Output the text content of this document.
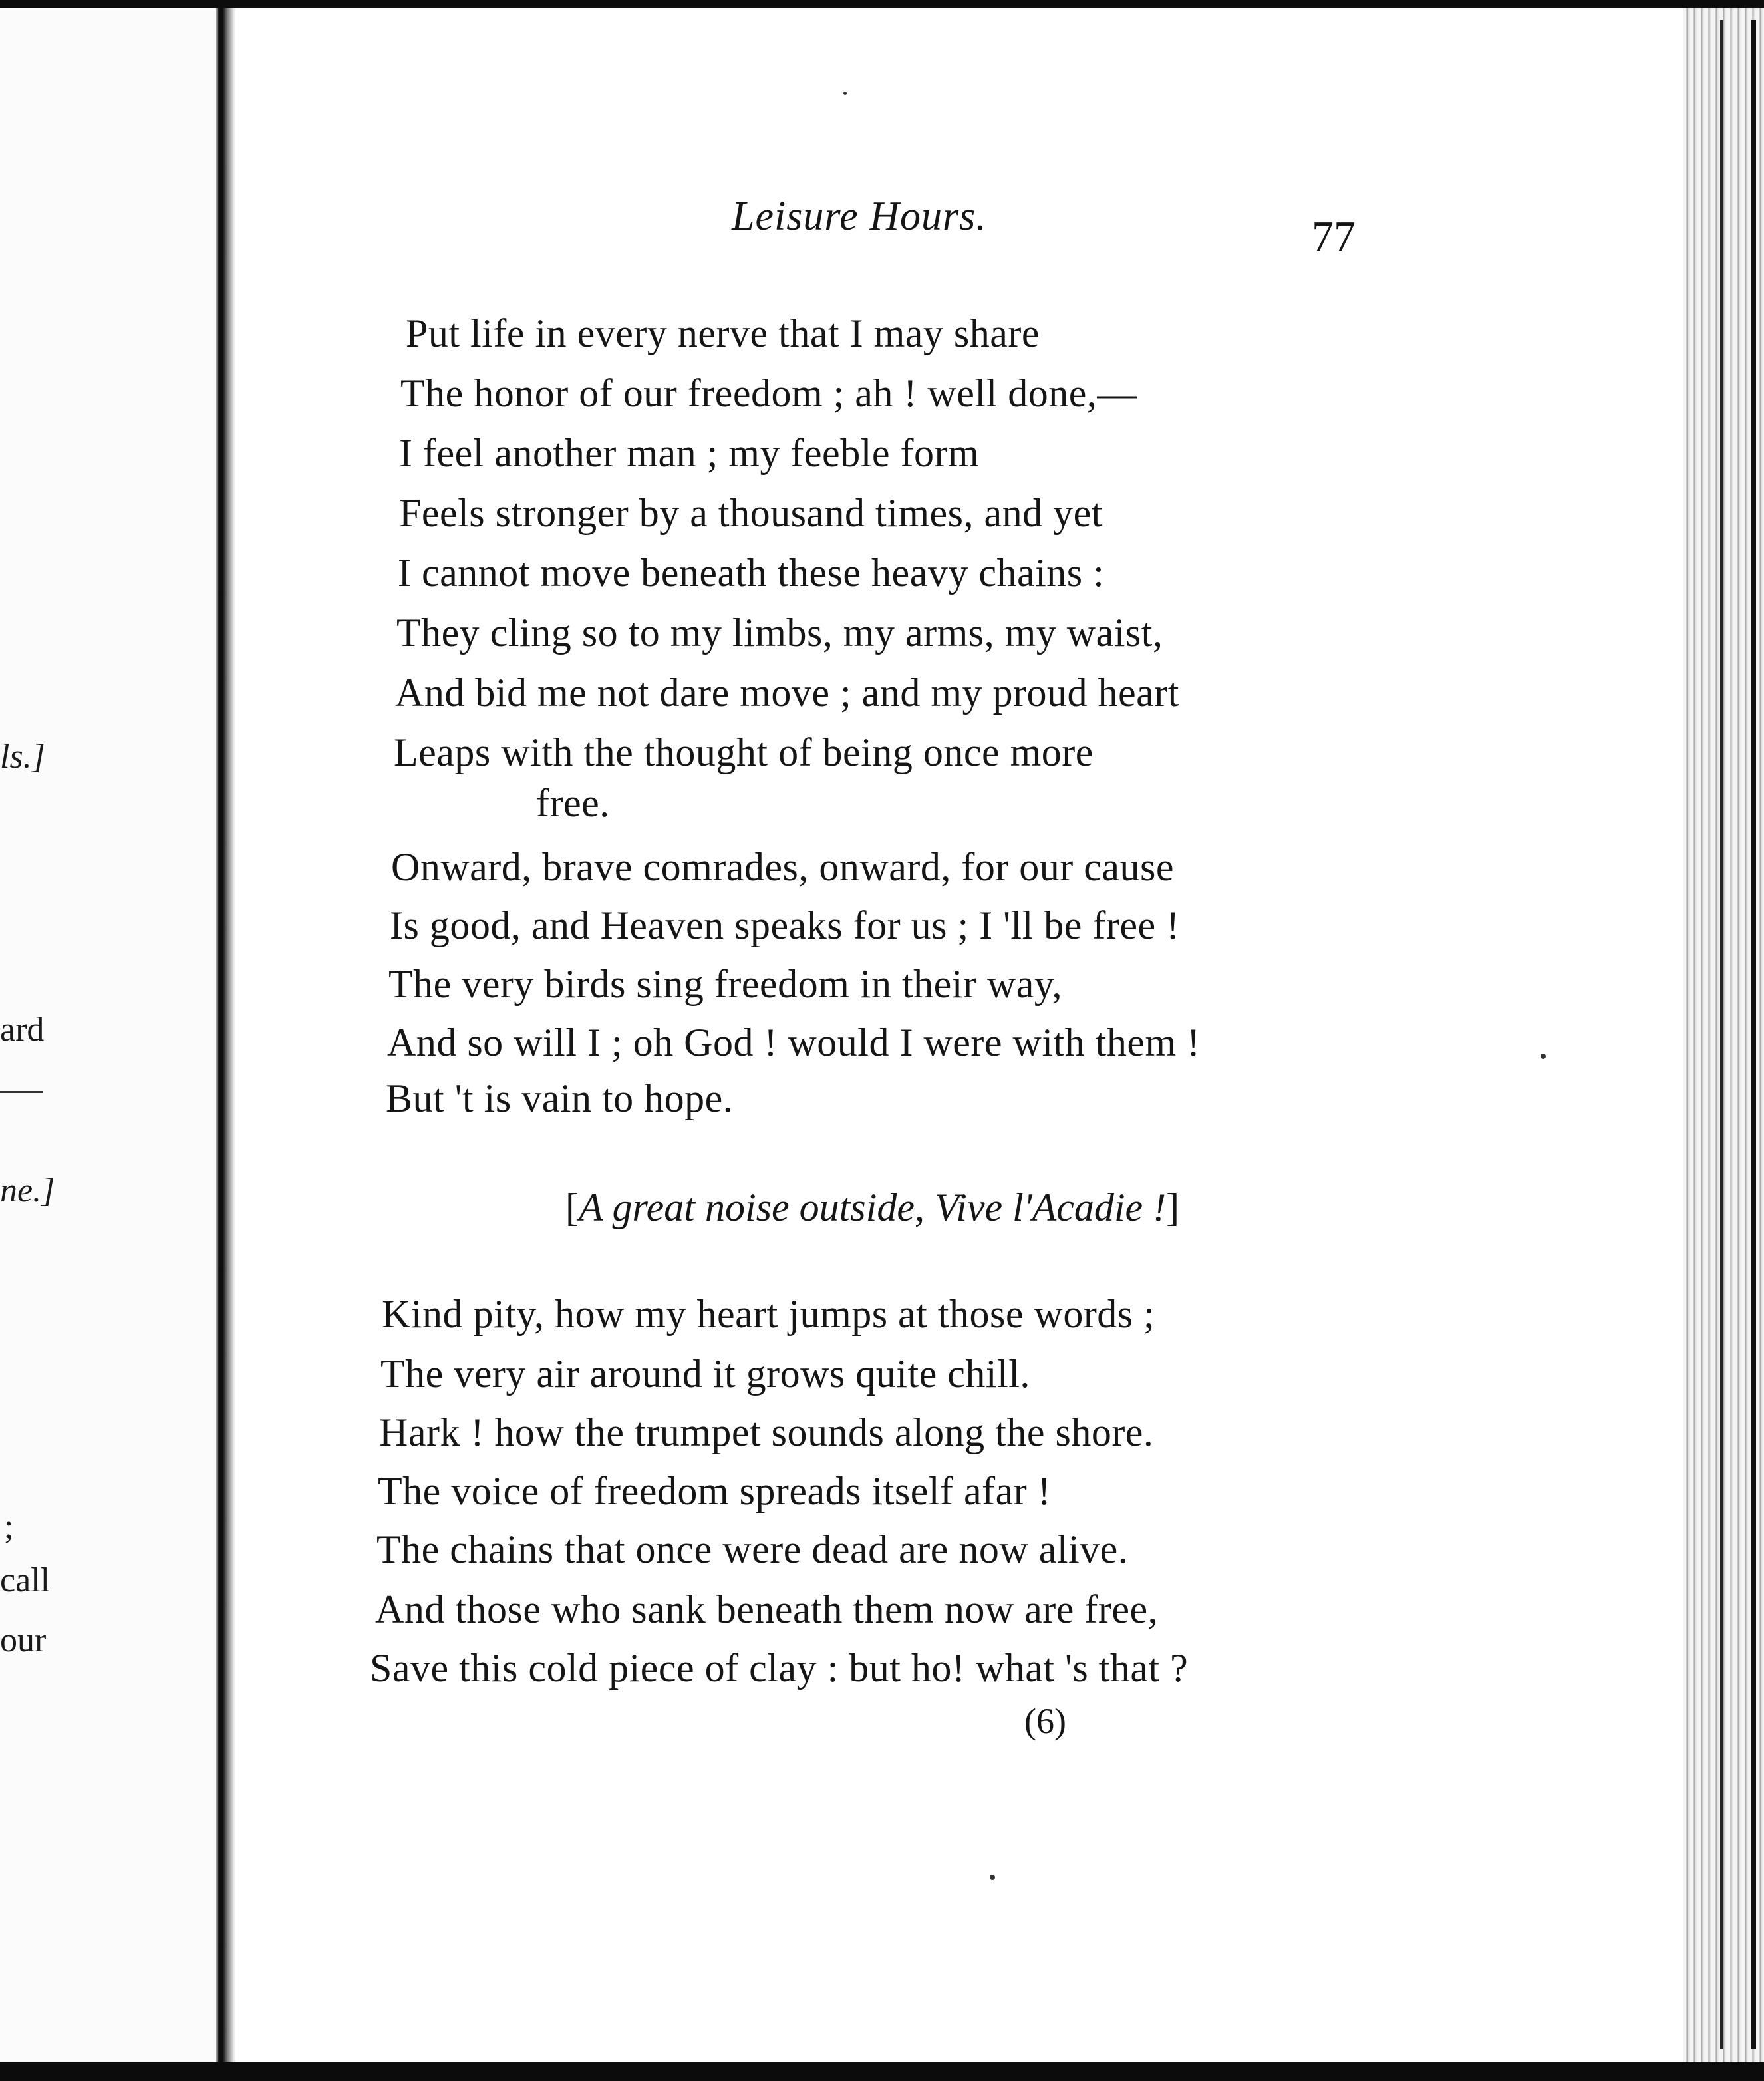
ls.]
ard
ne.]
;
call
our
Leisure Hours.	77
Put life in every nerve that I may share
The honor of our freedom ; ah ! well done,—
I feel another man ; my feeble form
Feels stronger by a thousand times, and yet
I cannot move beneath these heavy chains :
They cling so to my limbs, my arms, my waist,
And bid me not dare move ; and my proud heart
Leaps with the thought of being once more
free.
Onward, brave comrades, onward, for our cause
Is good, and Heaven speaks for us ; I 'll be free !
The very birds sing freedom in their way,
And so will I ; oh God ! would I were with them !
But 't is vain to hope.
[A great noise outside, Vive l'Acadie !]
Kind pity, how my heart jumps at those words ;
The very air around it grows quite chill.
Hark ! how the trumpet sounds along the shore.
The voice of freedom spreads itself afar !
The chains that once were dead are now alive.
And those who sank beneath them now are free,
Save this cold piece of clay : but ho! what 's that ?
(6)
